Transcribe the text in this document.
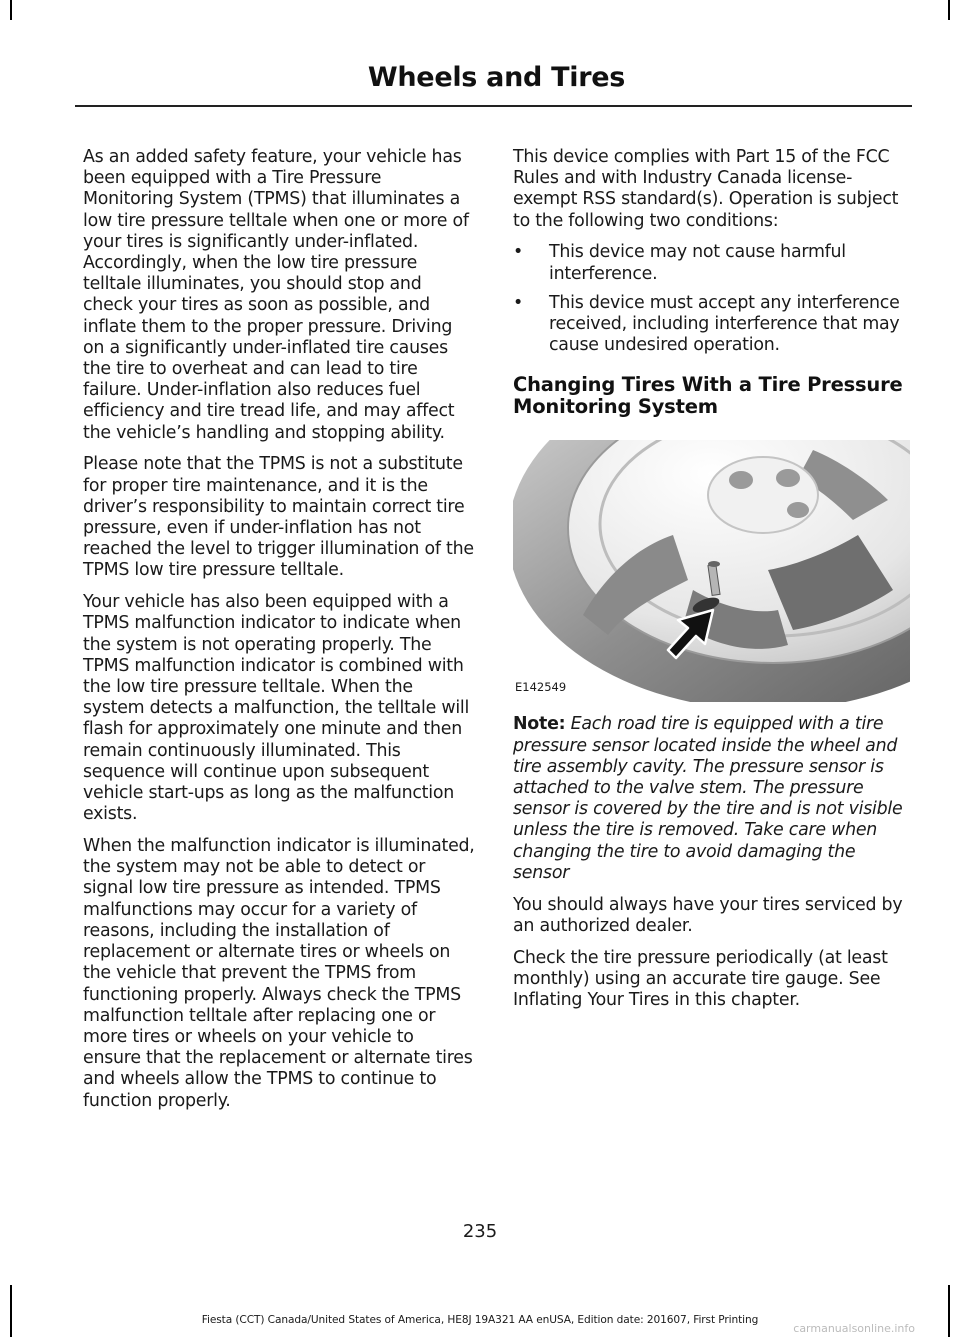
Wheels and Tires

As an added safety feature, your vehicle has been equipped with a Tire Pressure Monitoring System (TPMS) that illuminates a low tire pressure telltale when one or more of your tires is significantly under-inflated. Accordingly, when the low tire pressure telltale illuminates, you should stop and check your tires as soon as possible, and inflate them to the proper pressure. Driving on a significantly under-inflated tire causes the tire to overheat and can lead to tire failure. Under-inflation also reduces fuel efficiency and tire tread life, and may affect the vehicle’s handling and stopping ability.

Please note that the TPMS is not a substitute for proper tire maintenance, and it is the driver’s responsibility to maintain correct tire pressure, even if under-inflation has not reached the level to trigger illumination of the TPMS low tire pressure telltale.

Your vehicle has also been equipped with a TPMS malfunction indicator to indicate when the system is not operating properly. The TPMS malfunction indicator is combined with the low tire pressure telltale. When the system detects a malfunction, the telltale will flash for approximately one minute and then remain continuously illuminated. This sequence will continue upon subsequent vehicle start-ups as long as the malfunction exists.

When the malfunction indicator is illuminated, the system may not be able to detect or signal low tire pressure as intended. TPMS malfunctions may occur for a variety of reasons, including the installation of replacement or alternate tires or wheels on the vehicle that prevent the TPMS from functioning properly. Always check the TPMS malfunction telltale after replacing one or more tires or wheels on your vehicle to ensure that the replacement or alternate tires and wheels allow the TPMS to continue to function properly.

This device complies with Part 15 of the FCC Rules and with Industry Canada license-exempt RSS standard(s). Operation is subject to the following two conditions:

• This device may not cause harmful interference.
• This device must accept any interference received, including interference that may cause undesired operation.
Changing Tires With a Tire Pressure Monitoring System
E142549

Note: Each road tire is equipped with a tire pressure sensor located inside the wheel and tire assembly cavity. The pressure sensor is attached to the valve stem. The pressure sensor is covered by the tire and is not visible unless the tire is removed. Take care when changing the tire to avoid damaging the sensor

You should always have your tires serviced by an authorized dealer.

Check the tire pressure periodically (at least monthly) using an accurate tire gauge. See Inflating Your Tires in this chapter.

235
Fiesta (CCT) Canada/United States of America, HE8J 19A321 AA enUSA, Edition date: 201607, First Printing
carmanualsonline.info
